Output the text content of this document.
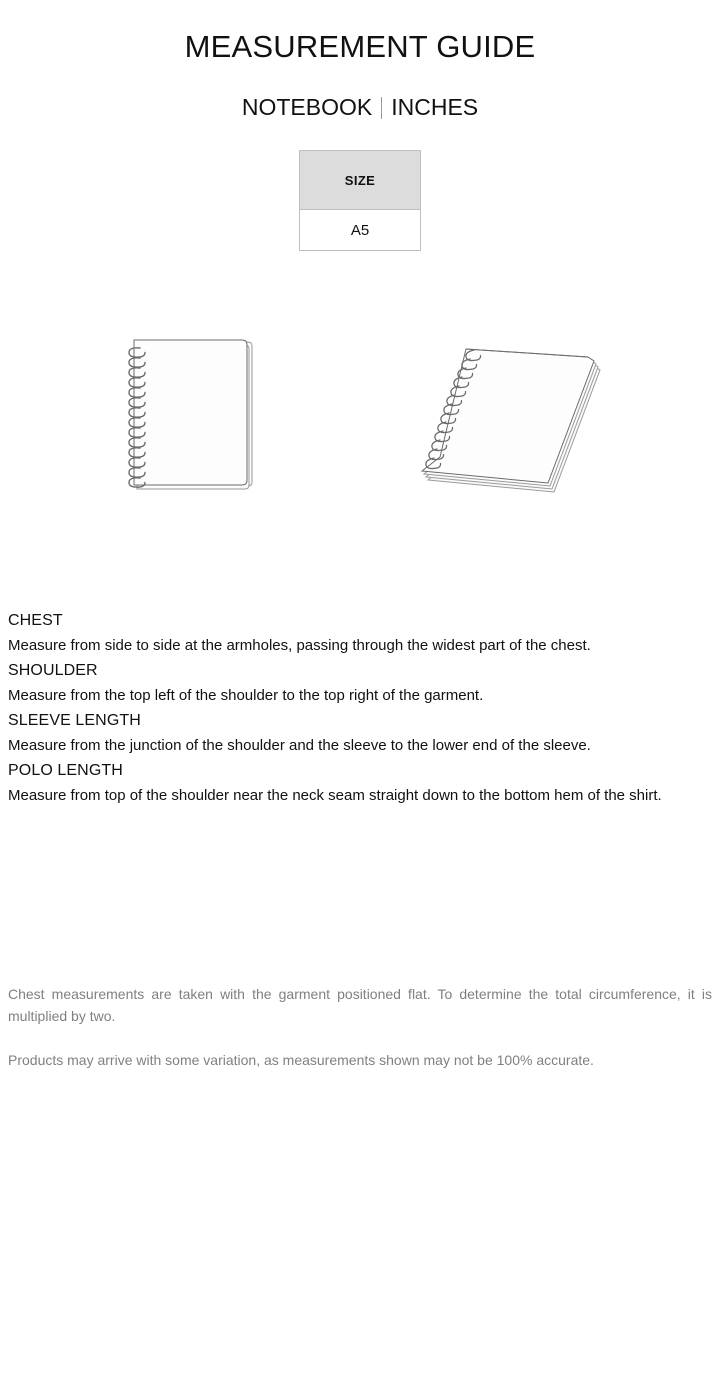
MEASUREMENT GUIDE
NOTEBOOK INCHES
SIZE
A5

CHEST

Measure from side to side at the armholes, passing through the widest part of the chest.

SHOULDER

Measure from the top left of the shoulder to the top right of the garment.

SLEEVE LENGTH

Measure from the junction of the shoulder and the sleeve to the lower end of the sleeve.

POLO LENGTH

Measure from top of the shoulder near the neck seam straight down to the bottom hem of the shirt.

Chest measurements are taken with the garment positioned flat. To determine the total circumference, it is multiplied by two.

Products may arrive with some variation, as measurements shown may not be 100% accurate.
